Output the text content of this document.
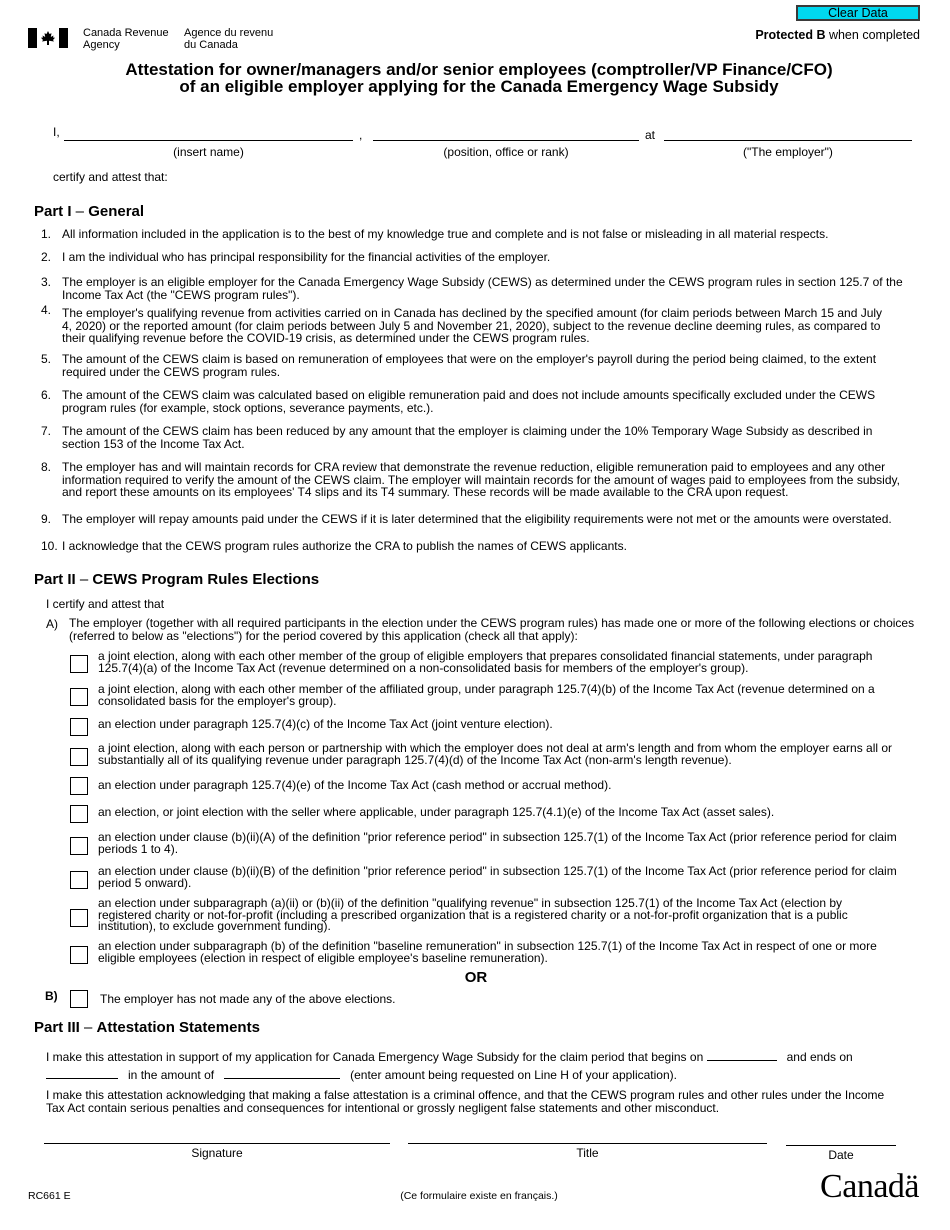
Clear Data
Canada Revenue
Agency
Agence du revenu
du Canada
Protected B when completed
Attestation for owner/managers and/or senior employees (comptroller/VP Finance/CFO)
of an eligible employer applying for the Canada Emergency Wage Subsidy
I,	,	at
(insert name)	(position, office or rank)	("The employer")
certify and attest that:
Part I – General
1. All information included in the application is to the best of my knowledge true and complete and is not false or misleading in all material respects.
2. I am the individual who has principal responsibility for the financial activities of the employer.
3. The employer is an eligible employer for the Canada Emergency Wage Subsidy (CEWS) as determined under the CEWS program rules in section 125.7 of the Income Tax Act (the "CEWS program rules").
4. The employer's qualifying revenue from activities carried on in Canada has declined by the specified amount (for claim periods between March 15 and July 4, 2020) or the reported amount (for claim periods between July 5 and November 21, 2020), subject to the revenue decline deeming rules, as compared to their qualifying revenue before the COVID-19 crisis, as determined under the CEWS program rules.
5. The amount of the CEWS claim is based on remuneration of employees that were on the employer's payroll during the period being claimed, to the extent required under the CEWS program rules.
6. The amount of the CEWS claim was calculated based on eligible remuneration paid and does not include amounts specifically excluded under the CEWS program rules (for example, stock options, severance payments, etc.).
7. The amount of the CEWS claim has been reduced by any amount that the employer is claiming under the 10% Temporary Wage Subsidy as described in section 153 of the Income Tax Act.
8. The employer has and will maintain records for CRA review that demonstrate the revenue reduction, eligible remuneration paid to employees and any other information required to verify the amount of the CEWS claim. The employer will maintain records for the amount of wages paid to employees from the subsidy, and report these amounts on its employees' T4 slips and its T4 summary. These records will be made available to the CRA upon request.
9. The employer will repay amounts paid under the CEWS if it is later determined that the eligibility requirements were not met or the amounts were overstated.
10. I acknowledge that the CEWS program rules authorize the CRA to publish the names of CEWS applicants.
Part II – CEWS Program Rules Elections
I certify and attest that
A) The employer (together with all required participants in the election under the CEWS program rules) has made one or more of the following elections or choices (referred to below as "elections") for the period covered by this application (check all that apply):
a joint election, along with each other member of the group of eligible employers that prepares consolidated financial statements, under paragraph 125.7(4)(a) of the Income Tax Act (revenue determined on a non-consolidated basis for members of the employer's group).
a joint election, along with each other member of the affiliated group, under paragraph 125.7(4)(b) of the Income Tax Act (revenue determined on a consolidated basis for the employer's group).
an election under paragraph 125.7(4)(c) of the Income Tax Act (joint venture election).
a joint election, along with each person or partnership with which the employer does not deal at arm's length and from whom the employer earns all or substantially all of its qualifying revenue under paragraph 125.7(4)(d) of the Income Tax Act (non-arm's length revenue).
an election under paragraph 125.7(4)(e) of the Income Tax Act (cash method or accrual method).
an election, or joint election with the seller where applicable, under paragraph 125.7(4.1)(e) of the Income Tax Act (asset sales).
an election under clause (b)(ii)(A) of the definition "prior reference period" in subsection 125.7(1) of the Income Tax Act (prior reference period for claim periods 1 to 4).
an election under clause (b)(ii)(B) of the definition "prior reference period" in subsection 125.7(1) of the Income Tax Act (prior reference period for claim period 5 onward).
an election under subparagraph (a)(ii) or (b)(ii) of the definition "qualifying revenue" in subsection 125.7(1) of the Income Tax Act (election by registered charity or not-for-profit (including a prescribed organization that is a registered charity or a not-for-profit organization that is a public institution), to exclude government funding).
an election under subparagraph (b) of the definition "baseline remuneration" in subsection 125.7(1) of the Income Tax Act in respect of one or more eligible employees (election in respect of eligible employee's baseline remuneration).
OR
B)	The employer has not made any of the above elections.
Part III – Attestation Statements
I make this attestation in support of my application for Canada Emergency Wage Subsidy for the claim period that begins on	and ends on
in the amount of	(enter amount being requested on Line H of your application).
I make this attestation acknowledging that making a false attestation is a criminal offence, and that the CEWS program rules and other rules under the Income Tax Act contain serious penalties and consequences for intentional or grossly negligent false statements and other misconduct.
Signature	Title	Date
RC661 E	(Ce formulaire existe en français.)	Canadä
